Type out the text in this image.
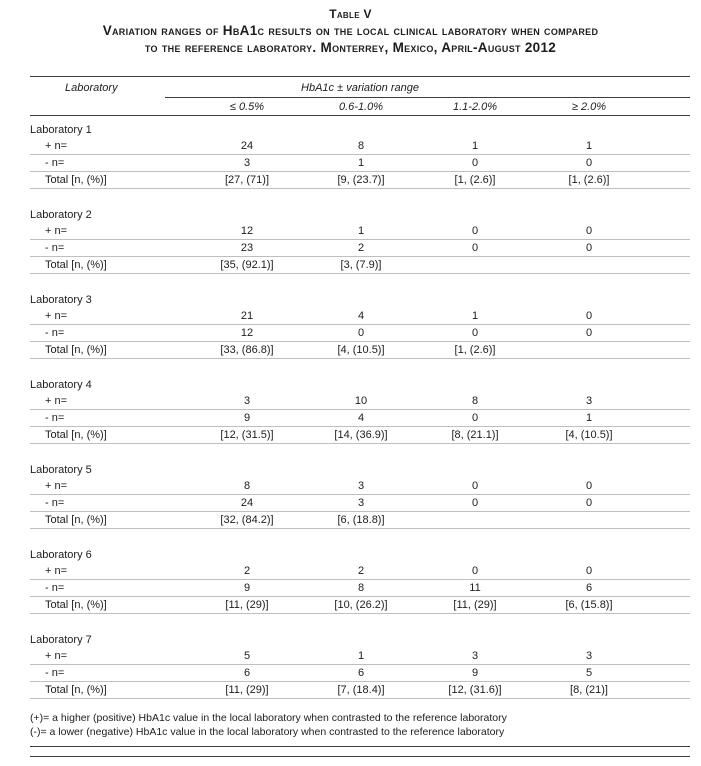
Table V
Variation ranges of HbA1c results on the local clinical laboratory when compared
to the reference laboratory. Monterrey, Mexico, April-August 2012
Laboratory	HbA1c ± variation range
≤ 0.5%	0.6-1.0%	1.1-2.0%	≥ 2.0%
Laboratory 1
+ n=	24	8	1	1
- n=	3	1	0	0
Total [n, (%)]	[27, (71)]	[9, (23.7)]	[1, (2.6)]	[1, (2.6)]
Laboratory 2
+ n=	12	1	0	0
- n=	23	2	0	0
Total [n, (%)]	[35, (92.1)]	[3, (7.9)]
Laboratory 3
+ n=	21	4	1	0
- n=	12	0	0	0
Total [n, (%)]	[33, (86.8)]	[4, (10.5)]	[1, (2.6)]
Laboratory 4
+ n=	3	10	8	3
- n=	9	4	0	1
Total [n, (%)]	[12, (31.5)]	[14, (36.9)]	[8, (21.1)]	[4, (10.5)]
Laboratory 5
+ n=	8	3	0	0
- n=	24	3	0	0
Total [n, (%)]	[32, (84.2)]	[6, (18.8)]
Laboratory 6
+ n=	2	2	0	0
- n=	9	8	11	6
Total [n, (%)]	[11, (29)]	[10, (26.2)]	[11, (29)]	[6, (15.8)]
Laboratory 7
+ n=	5	1	3	3
- n=	6	6	9	5
Total [n, (%)]	[11, (29)]	[7, (18.4)]	[12, (31.6)]	[8, (21)]
(+)= a higher (positive) HbA1c value in the local laboratory when contrasted to the reference laboratory
(-)= a lower (negative) HbA1c value in the local laboratory when contrasted to the reference laboratory
